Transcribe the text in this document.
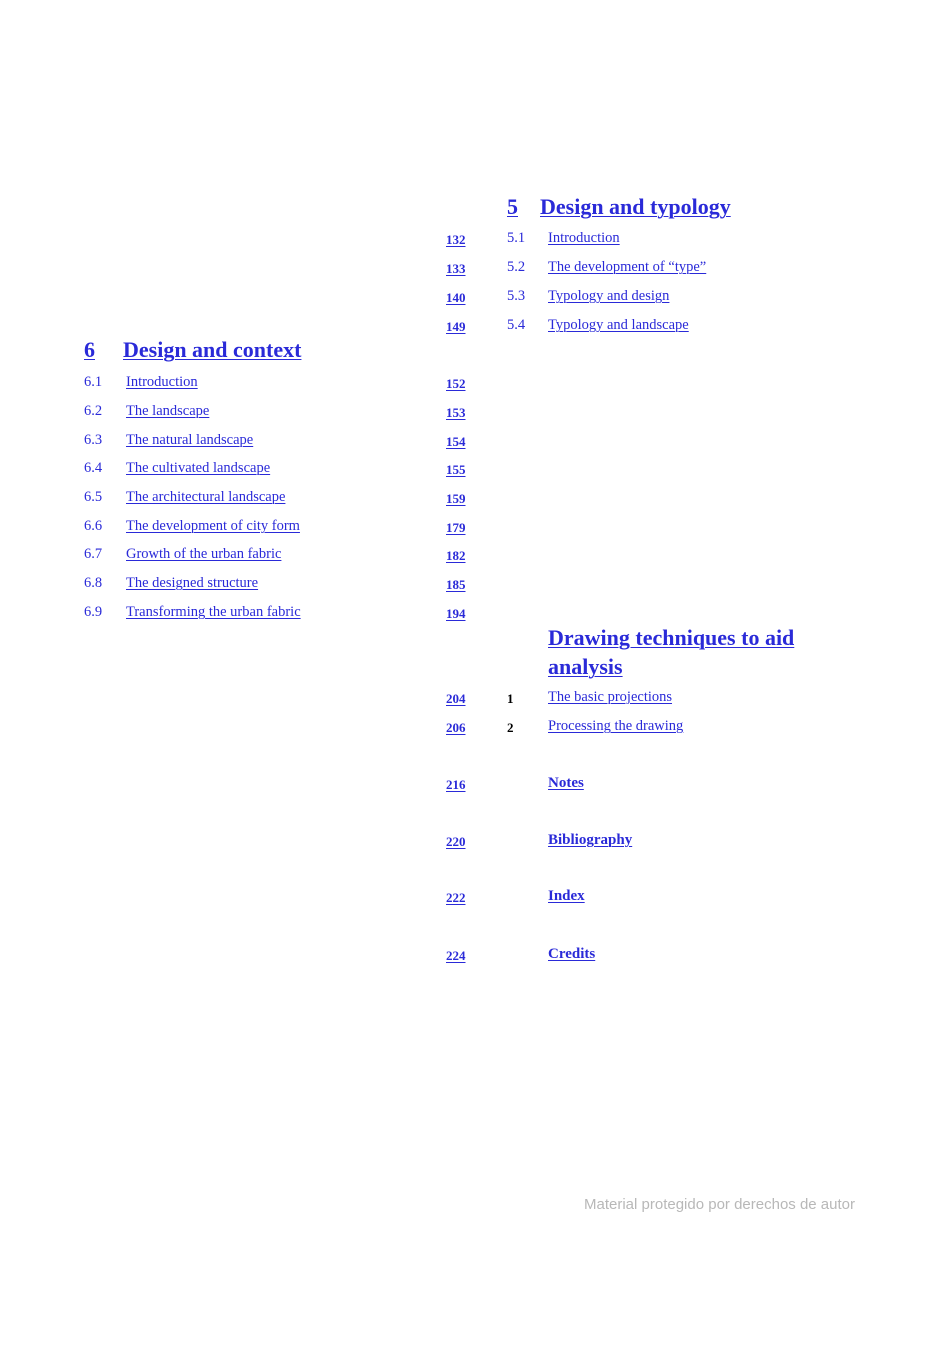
5 Design and typology
132	5.1 Introduction
133	5.2 The development of “type”
140	5.3 Typology and design
149	5.4 Typology and landscape
6 Design and context
6.1 Introduction	152
6.2 The landscape	153
6.3 The natural landscape	154
6.4 The cultivated landscape	155
6.5 The architectural landscape	159
6.6 The development of city form	179
6.7 Growth of the urban fabric	182
6.8 The designed structure	185
6.9 Transforming the urban fabric	194
Drawing techniques to aid
analysis
204	1 The basic projections
206	2 Processing the drawing
216	Notes
220	Bibliography
222	Index
224	Credits
Material protegido por derechos de autor
